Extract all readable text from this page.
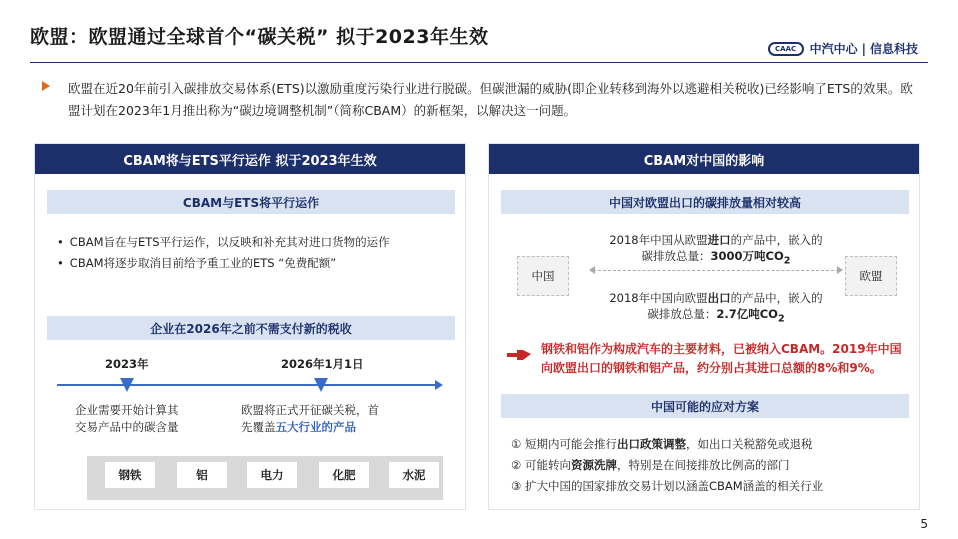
欧盟：欧盟通过全球首个“碳关税” 拟于2023年生效
CAAC	中汽中心 | 信息科技

欧盟在近20年前引入碳排放交易体系(ETS)以激励重度污染行业进行脱碳。但碳泄漏的威胁(即企业转移到海外以逃避相关税收)已经影响了ETS的效果。欧盟计划在2023年1月推出称为“碳边境调整机制”（简称CBAM）的新框架，以解决这一问题。

CBAM将与ETS平行运作 拟于2023年生效
CBAM与ETS将平行运作
• CBAM旨在与ETS平行运作，以反映和补充其对进口货物的运作
• CBAM将逐步取消目前给予重工业的ETS “免费配额”
企业在2026年之前不需支付新的税收
2023年	2026年1月1日
企业需要开始计算其
交易产品中的碳含量
欧盟将正式开征碳关税，首
先覆盖五大行业的产品
钢铁	铝	电力	化肥	水泥
CBAM对中国的影响
中国对欧盟出口的碳排放量相对较高
中国	欧盟
2018年中国从欧盟进口的产品中，嵌入的
碳排放总量：3000万吨$CO_2$
2018年中国向欧盟出口的产品中，嵌入的
碳排放总量：2.7亿吨$CO_2$
钢铁和铝作为构成汽车的主要材料，已被纳入CBAM。2019年中国向欧盟出口的钢铁和铝产品，约分别占其进口总额的8%和9%。
中国可能的应对方案
① 短期内可能会推行出口政策调整，如出口关税豁免或退税
② 可能转向资源洗牌，特别是在间接排放比例高的部门
③ 扩大中国的国家排放交易计划以涵盖CBAM涵盖的相关行业
5
